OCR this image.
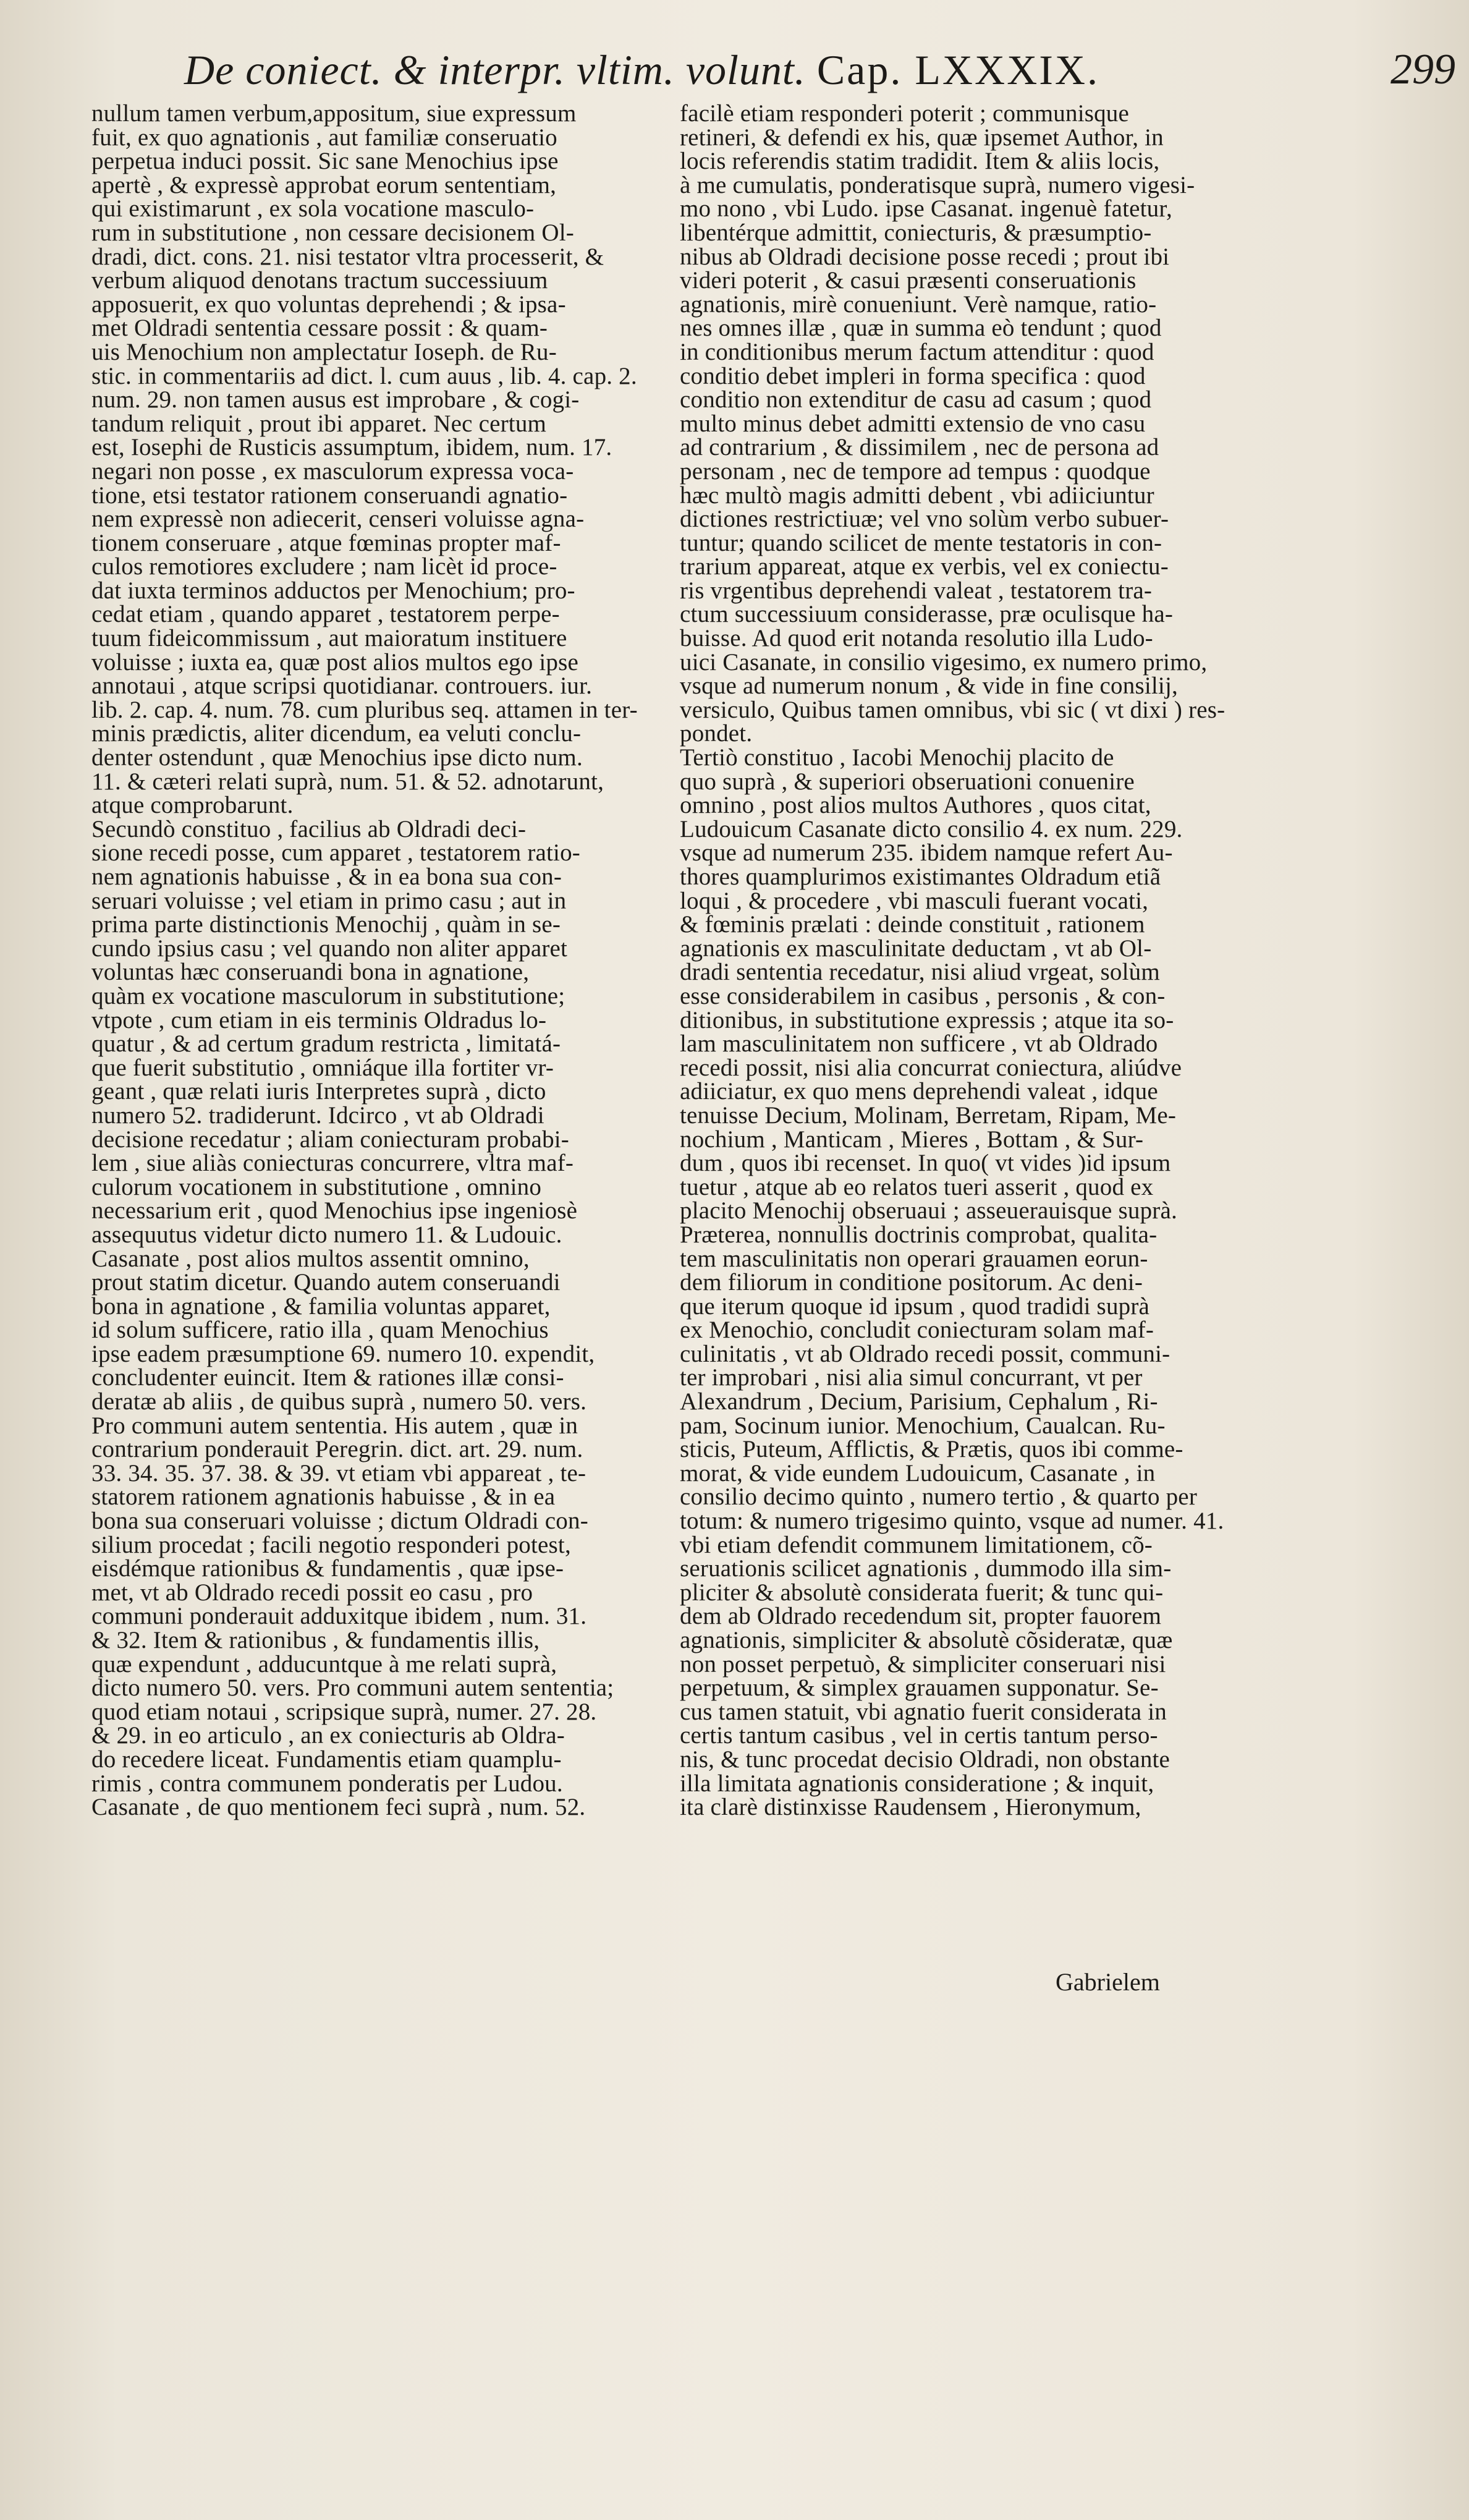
De coniect. & interpr. vltim. volunt. Cap. LXXXIX.	299
nullum tamen verbum,appositum, siue expressum
fuit, ex quo agnationis , aut familiæ conseruatio
perpetua induci possit. Sic sane Menochius ipse
apertè , & expressè approbat eorum sententiam,
qui existimarunt , ex sola vocatione masculo-
rum in substitutione , non cessare decisionem Ol-
dradi, dict. cons. 21. nisi testator vltra processerit, &
verbum aliquod denotans tractum successiuum
apposuerit, ex quo voluntas deprehendi ; & ipsa-
met Oldradi sententia cessare possit : & quam-
uis Menochium non amplectatur Ioseph. de Ru-
stic. in commentariis ad dict. l. cum auus , lib. 4. cap. 2.
num. 29. non tamen ausus est improbare , & cogi-
tandum reliquit , prout ibi apparet. Nec certum
est, Iosephi de Rusticis assumptum, ibidem, num. 17.
negari non posse , ex masculorum expressa voca-
tione, etsi testator rationem conseruandi agnatio-
nem expressè non adiecerit, censeri voluisse agna-
tionem conseruare , atque fœminas propter maf-
culos remotiores excludere ; nam licèt id proce-
dat iuxta terminos adductos per Menochium; pro-
cedat etiam , quando apparet , testatorem perpe-
tuum fideicommissum , aut maioratum instituere
voluisse ; iuxta ea, quæ post alios multos ego ipse
annotaui , atque scripsi quotidianar. controuers. iur.
lib. 2. cap. 4. num. 78. cum pluribus seq. attamen in ter-
minis prædictis, aliter dicendum, ea veluti conclu-
denter ostendunt , quæ Menochius ipse dicto num.
11. & cæteri relati suprà, num. 51. & 52. adnotarunt,
atque comprobarunt.
Secundò constituo , facilius ab Oldradi deci-
sione recedi posse, cum apparet , testatorem ratio-
nem agnationis habuisse , & in ea bona sua con-
seruari voluisse ; vel etiam in primo casu ; aut in
prima parte distinctionis Menochij , quàm in se-
cundo ipsius casu ; vel quando non aliter apparet
voluntas hæc conseruandi bona in agnatione,
quàm ex vocatione masculorum in substitutione;
vtpote , cum etiam in eis terminis Oldradus lo-
quatur , & ad certum gradum restricta , limitatá-
que fuerit substitutio , omniáque illa fortiter vr-
geant , quæ relati iuris Interpretes suprà , dicto
numero 52. tradiderunt. Idcirco , vt ab Oldradi
decisione recedatur ; aliam coniecturam probabi-
lem , siue aliàs coniecturas concurrere, vltra maf-
culorum vocationem in substitutione , omnino
necessarium erit , quod Menochius ipse ingeniosè
assequutus videtur dicto numero 11. & Ludouic.
Casanate , post alios multos assentit omnino,
prout statim dicetur. Quando autem conseruandi
bona in agnatione , & familia voluntas apparet,
id solum sufficere, ratio illa , quam Menochius
ipse eadem præsumptione 69. numero 10. expendit,
concludenter euincit. Item & rationes illæ consi-
deratæ ab aliis , de quibus suprà , numero 50. vers.
Pro communi autem sententia. His autem , quæ in
contrarium ponderauit Peregrin. dict. art. 29. num.
33. 34. 35. 37. 38. & 39. vt etiam vbi appareat , te-
statorem rationem agnationis habuisse , & in ea
bona sua conseruari voluisse ; dictum Oldradi con-
silium procedat ; facili negotio responderi potest,
eisdémque rationibus & fundamentis , quæ ipse-
met, vt ab Oldrado recedi possit eo casu , pro
communi ponderauit adduxitque ibidem , num. 31.
& 32. Item & rationibus , & fundamentis illis,
quæ expendunt , adducuntque à me relati suprà,
dicto numero 50. vers. Pro communi autem sententia;
quod etiam notaui , scripsique suprà, numer. 27. 28.
& 29. in eo articulo , an ex coniecturis ab Oldra-
do recedere liceat. Fundamentis etiam quamplu-
rimis , contra communem ponderatis per Ludou.
Casanate , de quo mentionem feci suprà , num. 52.
facilè etiam responderi poterit ; communisque
retineri, & defendi ex his, quæ ipsemet Author, in
locis referendis statim tradidit. Item & aliis locis,
à me cumulatis, ponderatisque suprà, numero vigesi-
mo nono , vbi Ludo. ipse Casanat. ingenuè fatetur,
libentérque admittit, coniecturis, & præsumptio-
nibus ab Oldradi decisione posse recedi ; prout ibi
videri poterit , & casui præsenti conseruationis
agnationis, mirè conueniunt. Verè namque, ratio-
nes omnes illæ , quæ in summa eò tendunt ; quod
in conditionibus merum factum attenditur : quod
conditio debet impleri in forma specifica : quod
conditio non extenditur de casu ad casum ; quod
multo minus debet admitti extensio de vno casu
ad contrarium , & dissimilem , nec de persona ad
personam , nec de tempore ad tempus : quodque
hæc multò magis admitti debent , vbi adiiciuntur
dictiones restrictiuæ; vel vno solùm verbo subuer-
tuntur; quando scilicet de mente testatoris in con-
trarium appareat, atque ex verbis, vel ex coniectu-
ris vrgentibus deprehendi valeat , testatorem tra-
ctum successiuum considerasse, præ oculisque ha-
buisse. Ad quod erit notanda resolutio illa Ludo-
uici Casanate, in consilio vigesimo, ex numero primo,
vsque ad numerum nonum , & vide in fine consilij,
versiculo, Quibus tamen omnibus, vbi sic ( vt dixi ) res-
pondet.
Tertiò constituo , Iacobi Menochij placito de
quo suprà , & superiori obseruationi conuenire
omnino , post alios multos Authores , quos citat,
Ludouicum Casanate dicto consilio 4. ex num. 229.
vsque ad numerum 235. ibidem namque refert Au-
thores quamplurimos existimantes Oldradum etiã
loqui , & procedere , vbi masculi fuerant vocati,
& fœminis prælati : deinde constituit , rationem
agnationis ex masculinitate deductam , vt ab Ol-
dradi sententia recedatur, nisi aliud vrgeat, solùm
esse considerabilem in casibus , personis , & con-
ditionibus, in substitutione expressis ; atque ita so-
lam masculinitatem non sufficere , vt ab Oldrado
recedi possit, nisi alia concurrat coniectura, aliúdve
adiiciatur, ex quo mens deprehendi valeat , idque
tenuisse Decium, Molinam, Berretam, Ripam, Me-
nochium , Manticam , Mieres , Bottam , & Sur-
dum , quos ibi recenset. In quo( vt vides )id ipsum
tuetur , atque ab eo relatos tueri asserit , quod ex
placito Menochij obseruaui ; asseuerauisque suprà.
Præterea, nonnullis doctrinis comprobat, qualita-
tem masculinitatis non operari grauamen eorun-
dem filiorum in conditione positorum. Ac deni-
que iterum quoque id ipsum , quod tradidi suprà
ex Menochio, concludit coniecturam solam maf-
culinitatis , vt ab Oldrado recedi possit, communi-
ter improbari , nisi alia simul concurrant, vt per
Alexandrum , Decium, Parisium, Cephalum , Ri-
pam, Socinum iunior. Menochium, Caualcan. Ru-
sticis, Puteum, Afflictis, & Prætis, quos ibi comme-
morat, & vide eundem Ludouicum, Casanate , in
consilio decimo quinto , numero tertio , & quarto per
totum: & numero trigesimo quinto, vsque ad numer. 41.
vbi etiam defendit communem limitationem, cõ-
seruationis scilicet agnationis , dummodo illa sim-
pliciter & absolutè considerata fuerit; & tunc qui-
dem ab Oldrado recedendum sit, propter fauorem
agnationis, simpliciter & absolutè cõsideratæ, quæ
non posset perpetuò, & simpliciter conseruari nisi
perpetuum, & simplex grauamen supponatur. Se-
cus tamen statuit, vbi agnatio fuerit considerata in
certis tantum casibus , vel in certis tantum perso-
nis, & tunc procedat decisio Oldradi, non obstante
illa limitata agnationis consideratione ; & inquit,
ita clarè distinxisse Raudensem , Hieronymum,
Gabrielem
